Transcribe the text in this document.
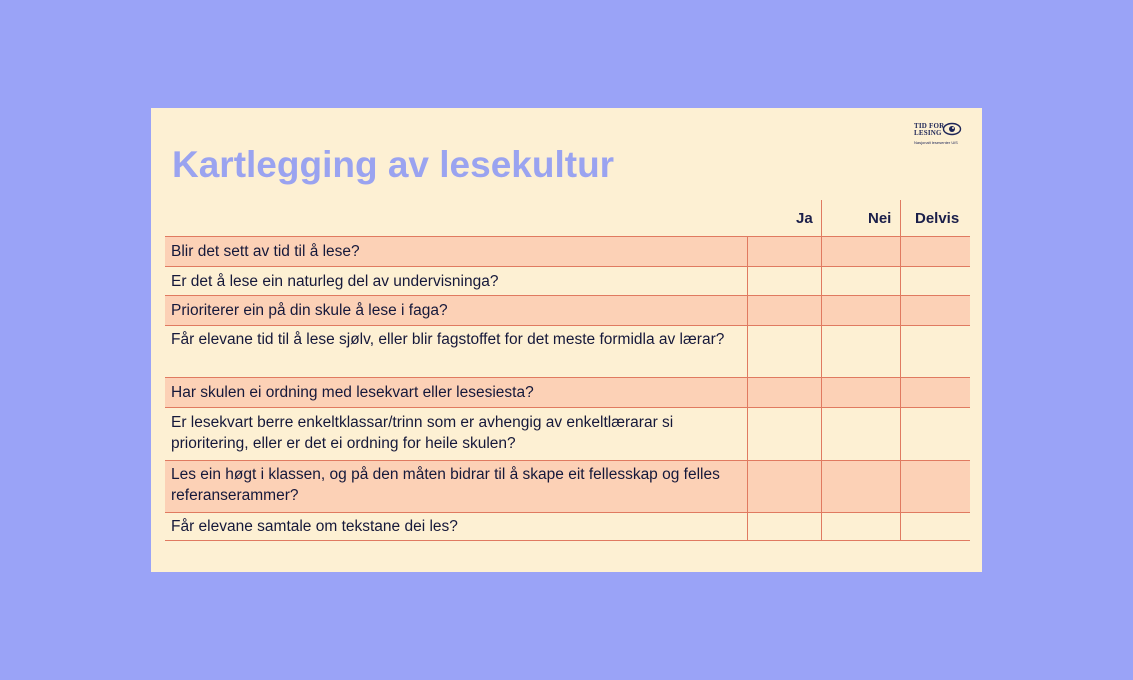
TID FOR
LESING
Nasjonalt lesesenter UiS
Kartlegging av lesekultur
Ja	Nei Delvis
Blir det sett av tid til å lese?
Er det å lese ein naturleg del av undervisninga?
Prioriterer ein på din skule å lese i faga?
Får elevane tid til å lese sjølv, eller blir fagstoffet for det meste formidla av lærar?
Har skulen ei ordning med lesekvart eller lesesiesta?
Er lesekvart berre enkeltklassar/trinn som er avhengig av enkeltlærarar si prioritering, eller er det ei ordning for heile skulen?
Les ein høgt i klassen, og på den måten bidrar til å skape eit fellesskap og felles referanserammer?
Får elevane samtale om tekstane dei les?
